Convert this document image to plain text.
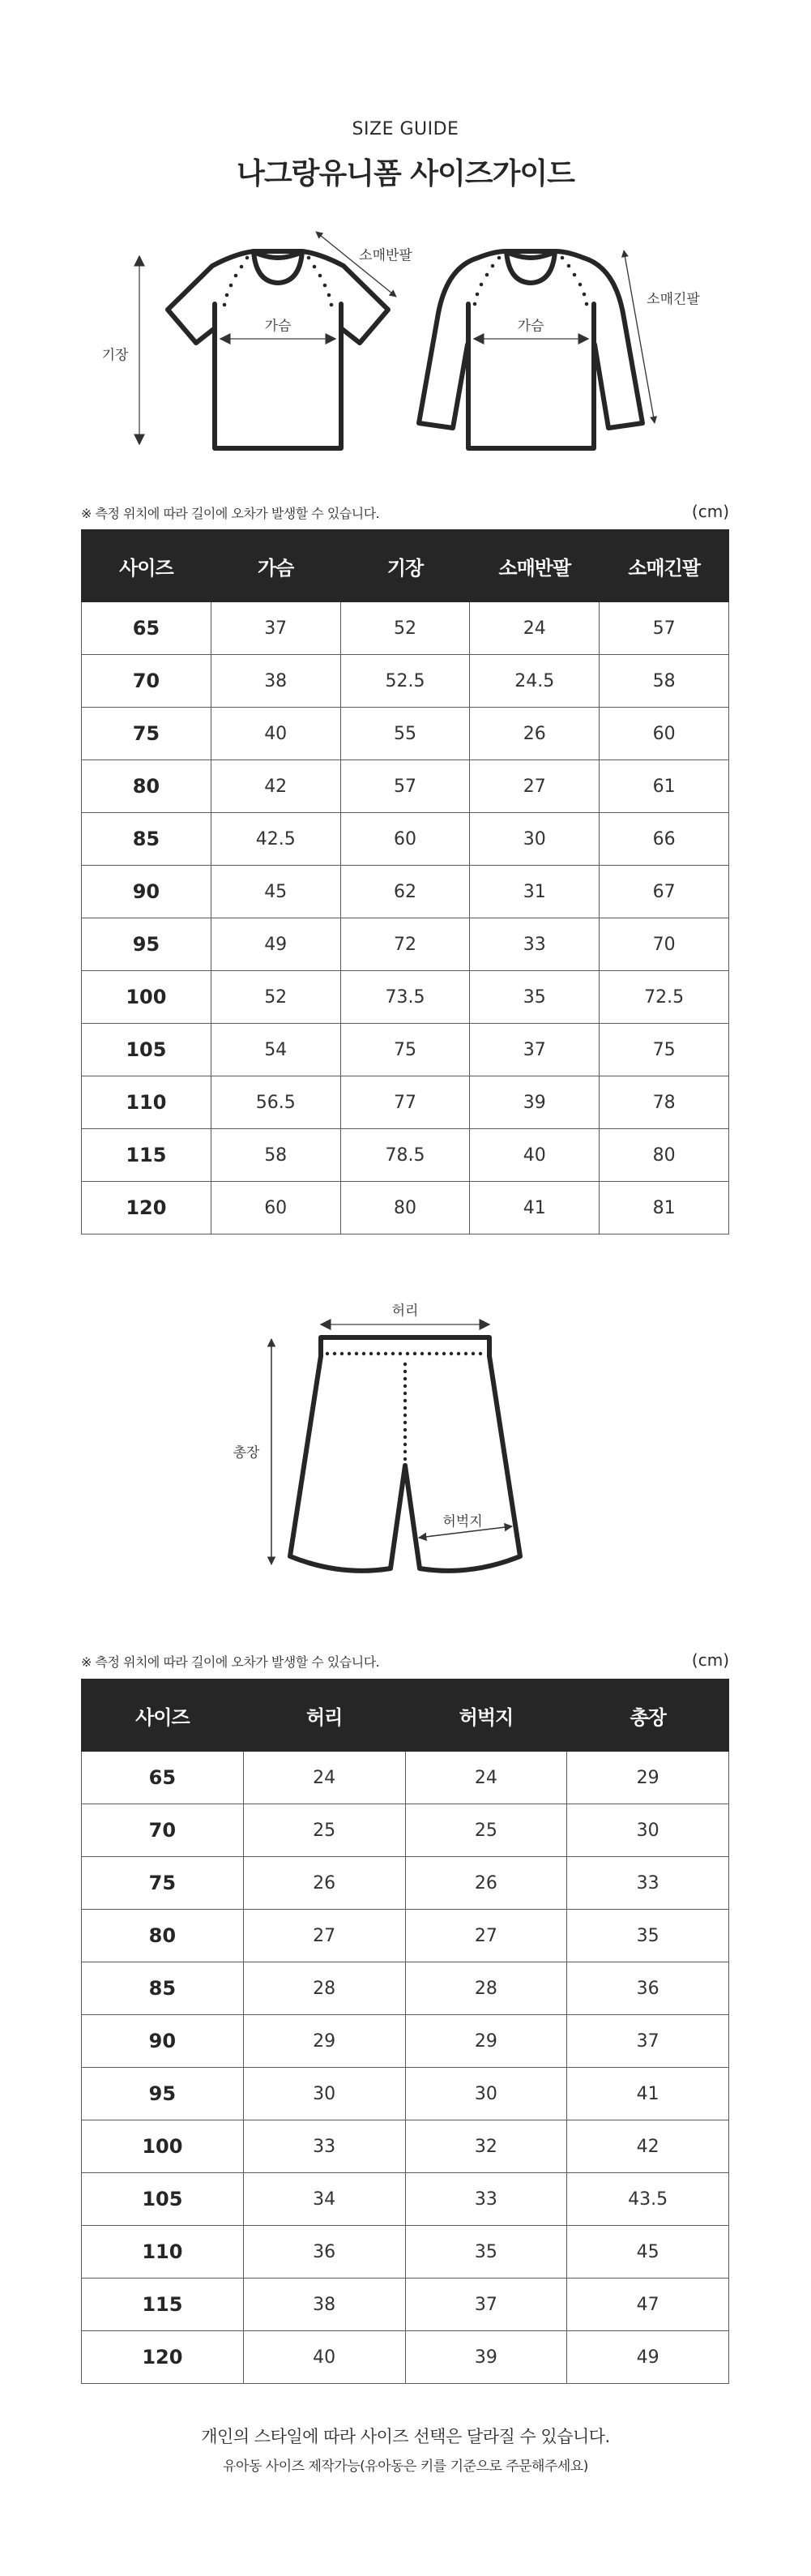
SIZE GUIDE
나그랑유니폼 사이즈가이드
기장
가슴
소매반팔
가슴
소매긴팔
※ 측정 위치에 따라 길이에 오차가 발생할 수 있습니다.	(cm)
사이즈	가슴	기장	소매반팔	소매긴팔
65	37	52	24	57
70	38	52.5	24.5	58
75	40	55	26	60
80	42	57	27	61
85	42.5	60	30	66
90	45	62	31	67
95	49	72	33	70
100	52	73.5	35	72.5
105	54	75	37	75
110	56.5	77	39	78
115	58	78.5	40	80
120	60	80	41	81
허리
총장
허벅지
※ 측정 위치에 따라 길이에 오차가 발생할 수 있습니다.	(cm)
사이즈	허리	허벅지	총장
65	24	24	29
70	25	25	30
75	26	26	33
80	27	27	35
85	28	28	36
90	29	29	37
95	30	30	41
100	33	32	42
105	34	33	43.5
110	36	35	45
115	38	37	47
120	40	39	49
개인의 스타일에 따라 사이즈 선택은 달라질 수 있습니다.
유아동 사이즈 제작가능(유아동은 키를 기준으로 주문해주세요)
